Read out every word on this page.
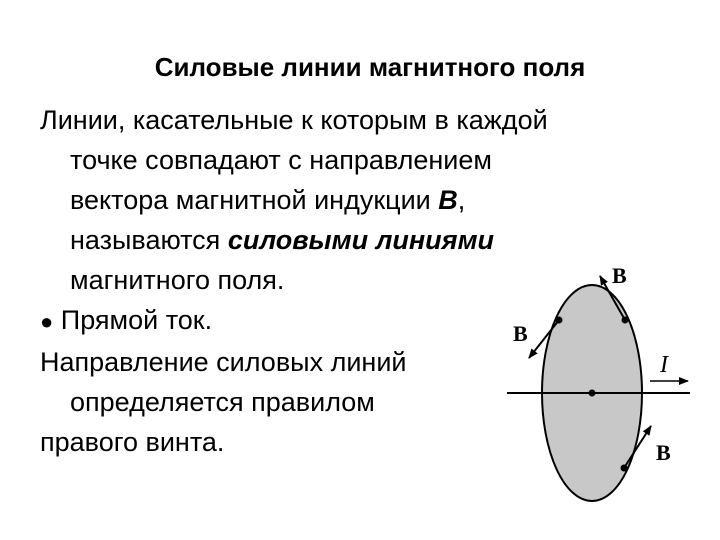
Силовые линии магнитного поля
Линии, касательные к которым в каждой
точке совпадают с направлением
вектора магнитной индукции B,
называются силовыми линиями
магнитного поля.
● Прямой ток.
Направление силовых линий
определяется правилом
правого винта.
B
B
B
I
